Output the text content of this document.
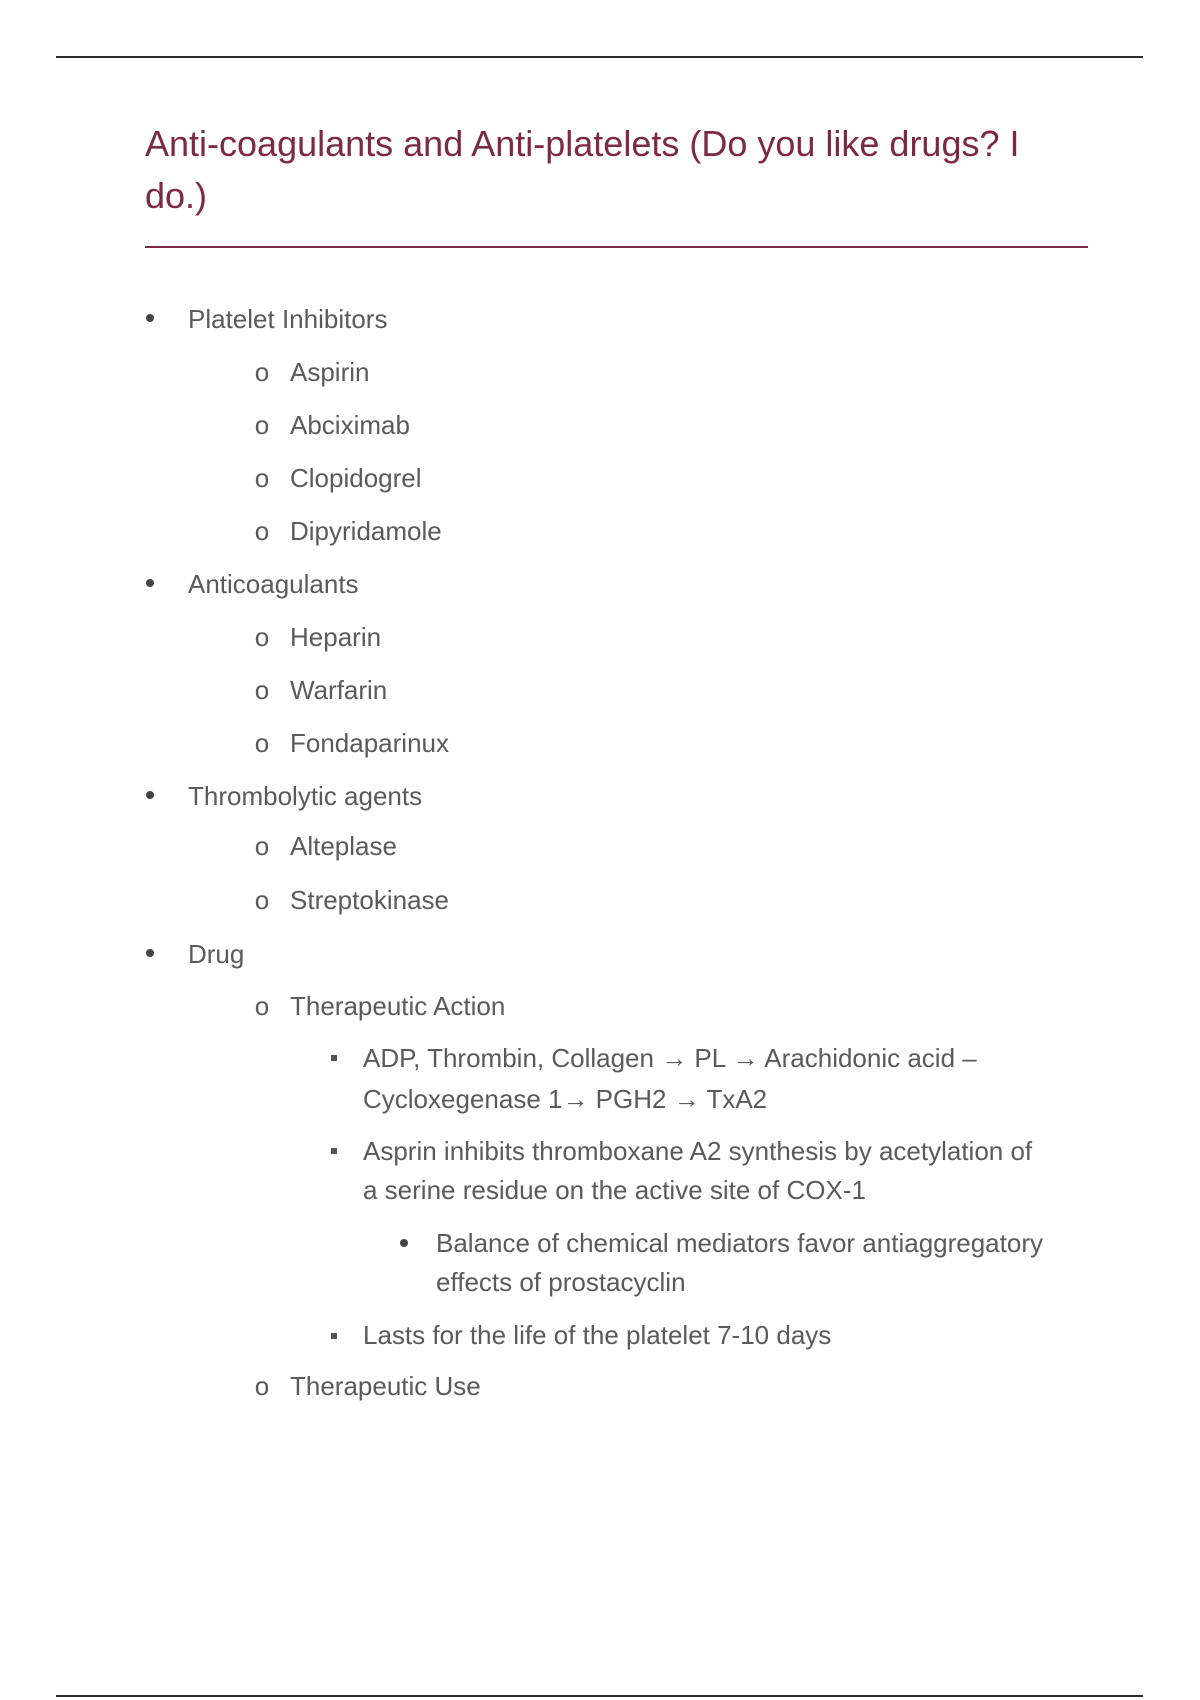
Anti-coagulants and Anti-platelets (Do you like drugs? I do.)
Platelet Inhibitors
o Aspirin
o Abciximab
o Clopidogrel
o Dipyridamole
Anticoagulants
o Heparin
o Warfarin
o Fondaparinux
Thrombolytic agents
o Alteplase
o Streptokinase
Drug
o Therapeutic Action
ADP, Thrombin, Collagen → PL → Arachidonic acid –
Cycloxegenase 1→ PGH2 → TxA2
Asprin inhibits thromboxane A2 synthesis by acetylation of
a serine residue on the active site of COX-1
Balance of chemical mediators favor antiaggregatory
effects of prostacyclin
Lasts for the life of the platelet 7-10 days
o Therapeutic Use
